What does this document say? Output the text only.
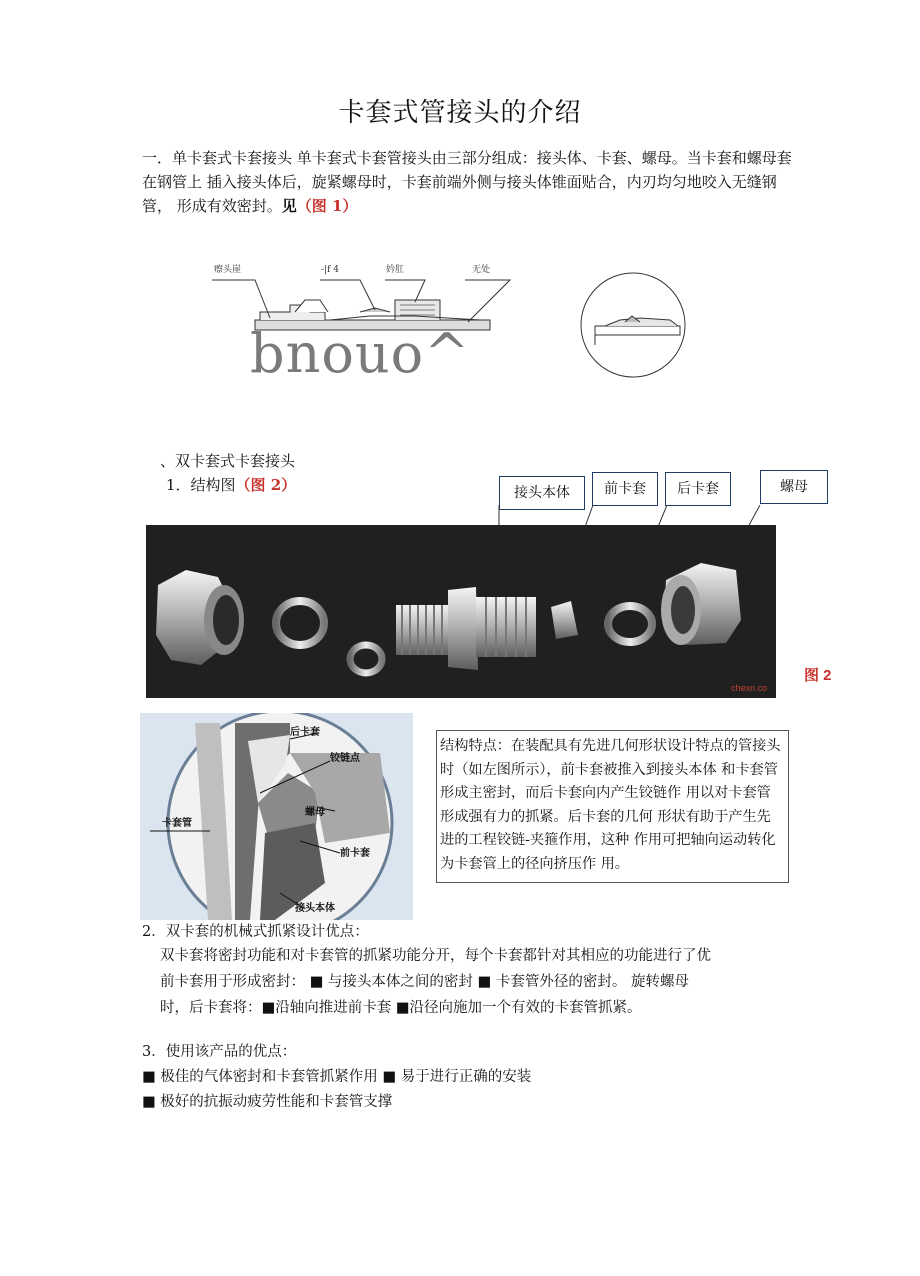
卡套式管接头的介绍
一．单卡套式卡套接头 单卡套式卡套管接头由三部分组成：接头体、卡套、螺母。当卡套和螺母套在钢管上 插入接头体后，旋紧螺母时，卡套前端外侧与接头体锥面贴合，内刃均匀地咬入无缝钢管， 形成有效密封。见（图 1）
瘵头崖	-|f 4	妗肛	无处
bnouo^
、双卡套式卡套接头
1．结构图（图 2）	接头本体	前卡套	后卡套	螺母
chexn.co
图 2
后卡套
铰链点
螺母
卡套管
前卡套
接头本体
结构特点：在装配具有先进几何形状设计特点的管接头时（如左图所示），前卡套被推入到接头本体 和卡套管形成主密封，而后卡套向内产生铰链作 用以对卡套管形成强有力的抓紧。后卡套的几何 形状有助于产生先进的工程铰链-夹箍作用，这种 作用可把轴向运动转化为卡套管上的径向挤压作 用。
2．双卡套的机械式抓紧设计优点：
双卡套将密封功能和对卡套管的抓紧功能分开，每个卡套都针对其相应的功能进行了优
前卡套用于形成密封： ■ 与接头本体之间的密封 ■ 卡套管外径的密封。 旋转螺母
时，后卡套将：■沿轴向推进前卡套 ■沿径向施加一个有效的卡套管抓紧。
3．使用该产品的优点：
■ 极佳的气体密封和卡套管抓紧作用 ■ 易于进行正确的安装
■ 极好的抗振动疲劳性能和卡套管支撑
